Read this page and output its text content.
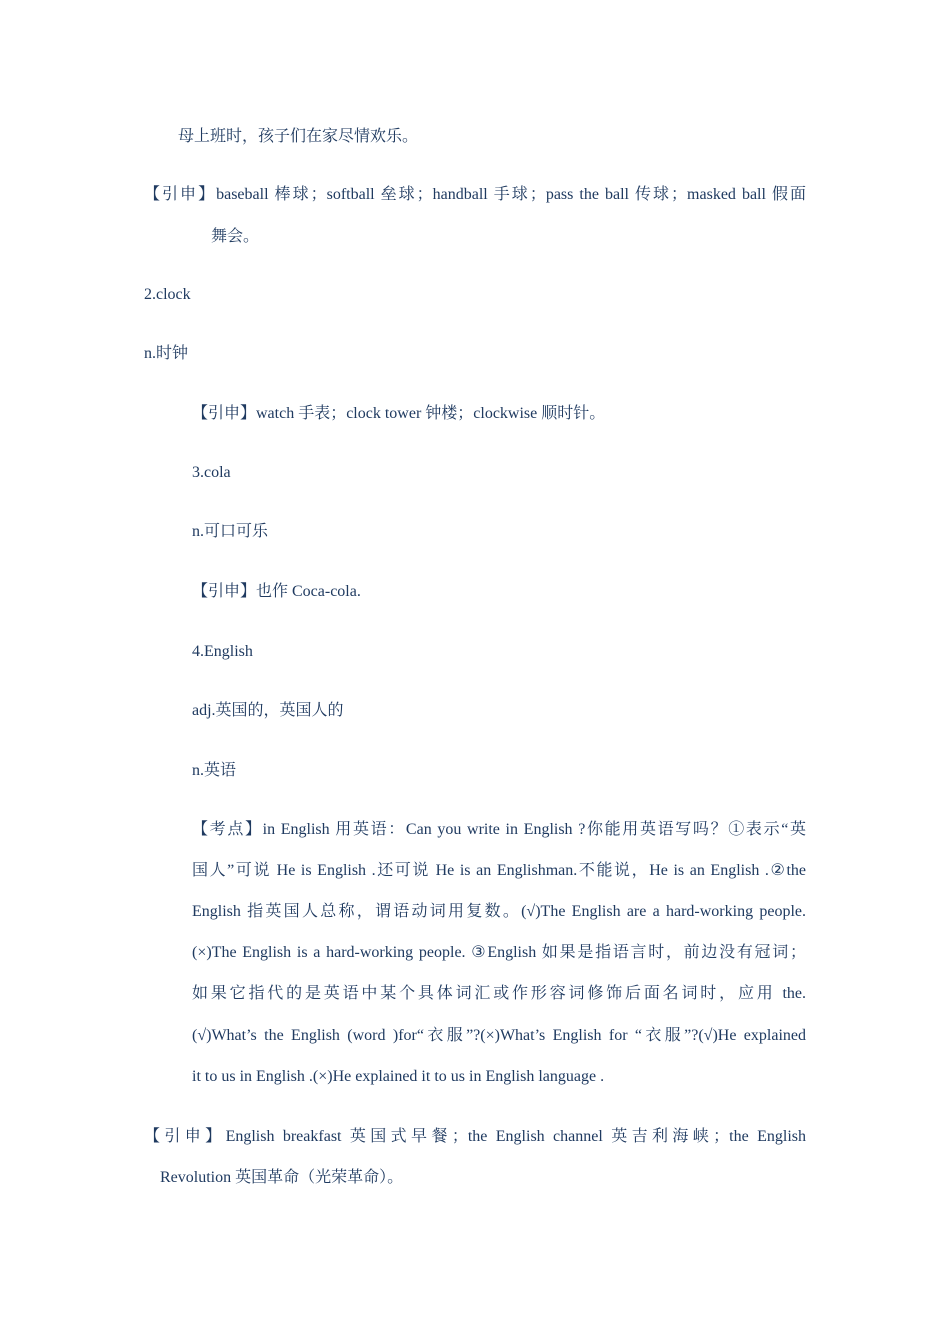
母上班时，孩子们在家尽情欢乐。
【引申】baseball 棒球；softball 垒球；handball 手球；pass the ball 传球；masked ball 假面
舞会。
2.clock
n.时钟
【引申】watch 手表；clock tower 钟楼；clockwise 顺时针。
3.cola
n.可口可乐
【引申】也作 Coca-cola.
4.English
adj.英国的，英国人的
n.英语
【考点】in English 用英语：Can you write in English ?你能用英语写吗？①表示“英
国人”可说 He is English .还可说 He is an Englishman.不能说，He is an English .②the
English 指英国人总称，谓语动词用复数。(√)The English are a hard-working people.
(×)The English is a hard-working people. ③English 如果是指语言时，前边没有冠词；
如果它指代的是英语中某个具体词汇或作形容词修饰后面名词时，应用 the.
(√)What’s the English (word )for“衣服”?(×)What’s English for “衣服”?(√)He explained
it to us in English .(×)He explained it to us in English language .
【引申】English breakfast 英国式早餐；the English channel 英吉利海峡；the English
Revolution 英国革命（光荣革命）。
